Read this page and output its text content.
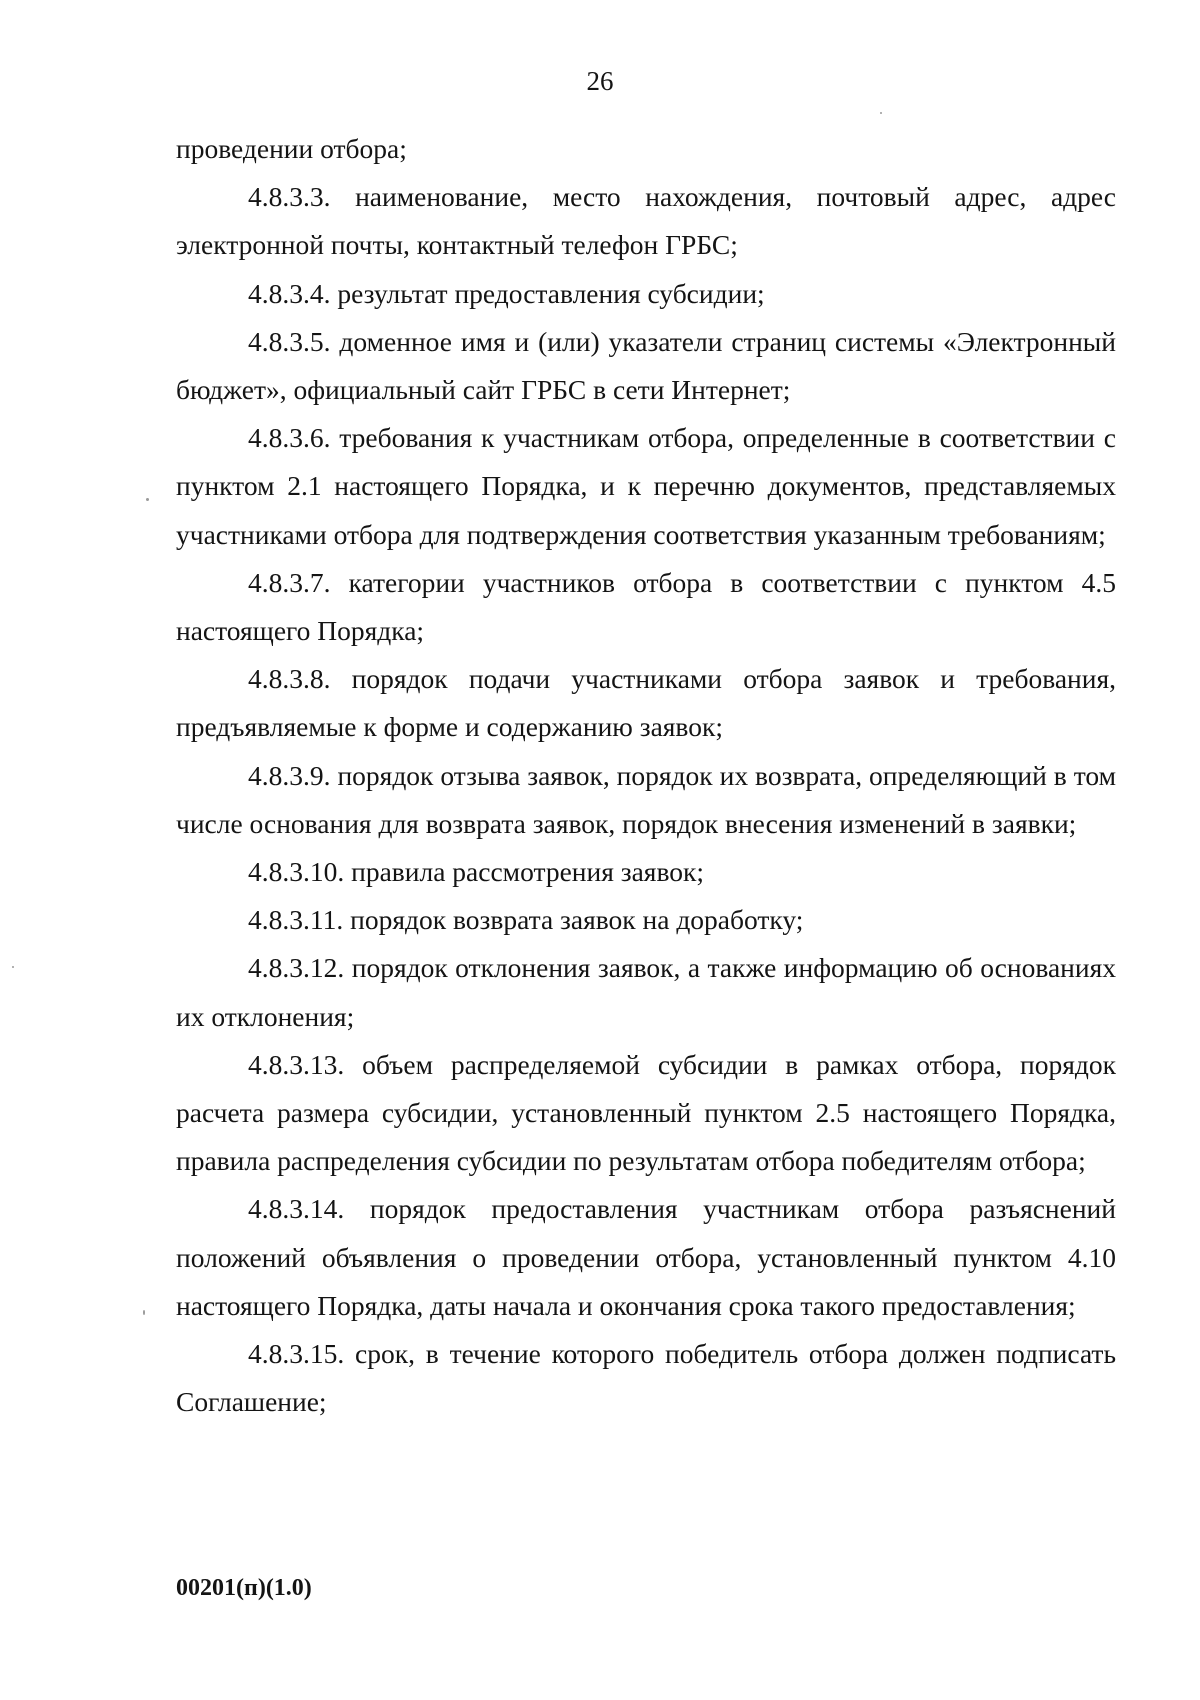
26

проведении отбора;

4.8.3.3. наименование, место нахождения, почтовый адрес, адрес электронной почты, контактный телефон ГРБС;

4.8.3.4. результат предоставления субсидии;

4.8.3.5. доменное имя и (или) указатели страниц системы «Электронный бюджет», официальный сайт ГРБС в сети Интернет;

4.8.3.6. требования к участникам отбора, определенные в соответствии с пунктом 2.1 настоящего Порядка, и к перечню документов, представляемых участниками отбора для подтверждения соответствия указанным требованиям;

4.8.3.7. категории участников отбора в соответствии с пунктом 4.5 настоящего Порядка;

4.8.3.8. порядок подачи участниками отбора заявок и требования, предъявляемые к форме и содержанию заявок;

4.8.3.9. порядок отзыва заявок, порядок их возврата, определяющий в том числе основания для возврата заявок, порядок внесения изменений в заявки;

4.8.3.10. правила рассмотрения заявок;

4.8.3.11. порядок возврата заявок на доработку;

4.8.3.12. порядок отклонения заявок, а также информацию об основаниях их отклонения;

4.8.3.13. объем распределяемой субсидии в рамках отбора, порядок расчета размера субсидии, установленный пунктом 2.5 настоящего Порядка, правила распределения субсидии по результатам отбора победителям отбора;

4.8.3.14. порядок предоставления участникам отбора разъяснений положений объявления о проведении отбора, установленный пунктом 4.10 настоящего Порядка, даты начала и окончания срока такого предоставления;

4.8.3.15. срок, в течение которого победитель отбора должен подписать Соглашение;

00201(п)(1.0)
